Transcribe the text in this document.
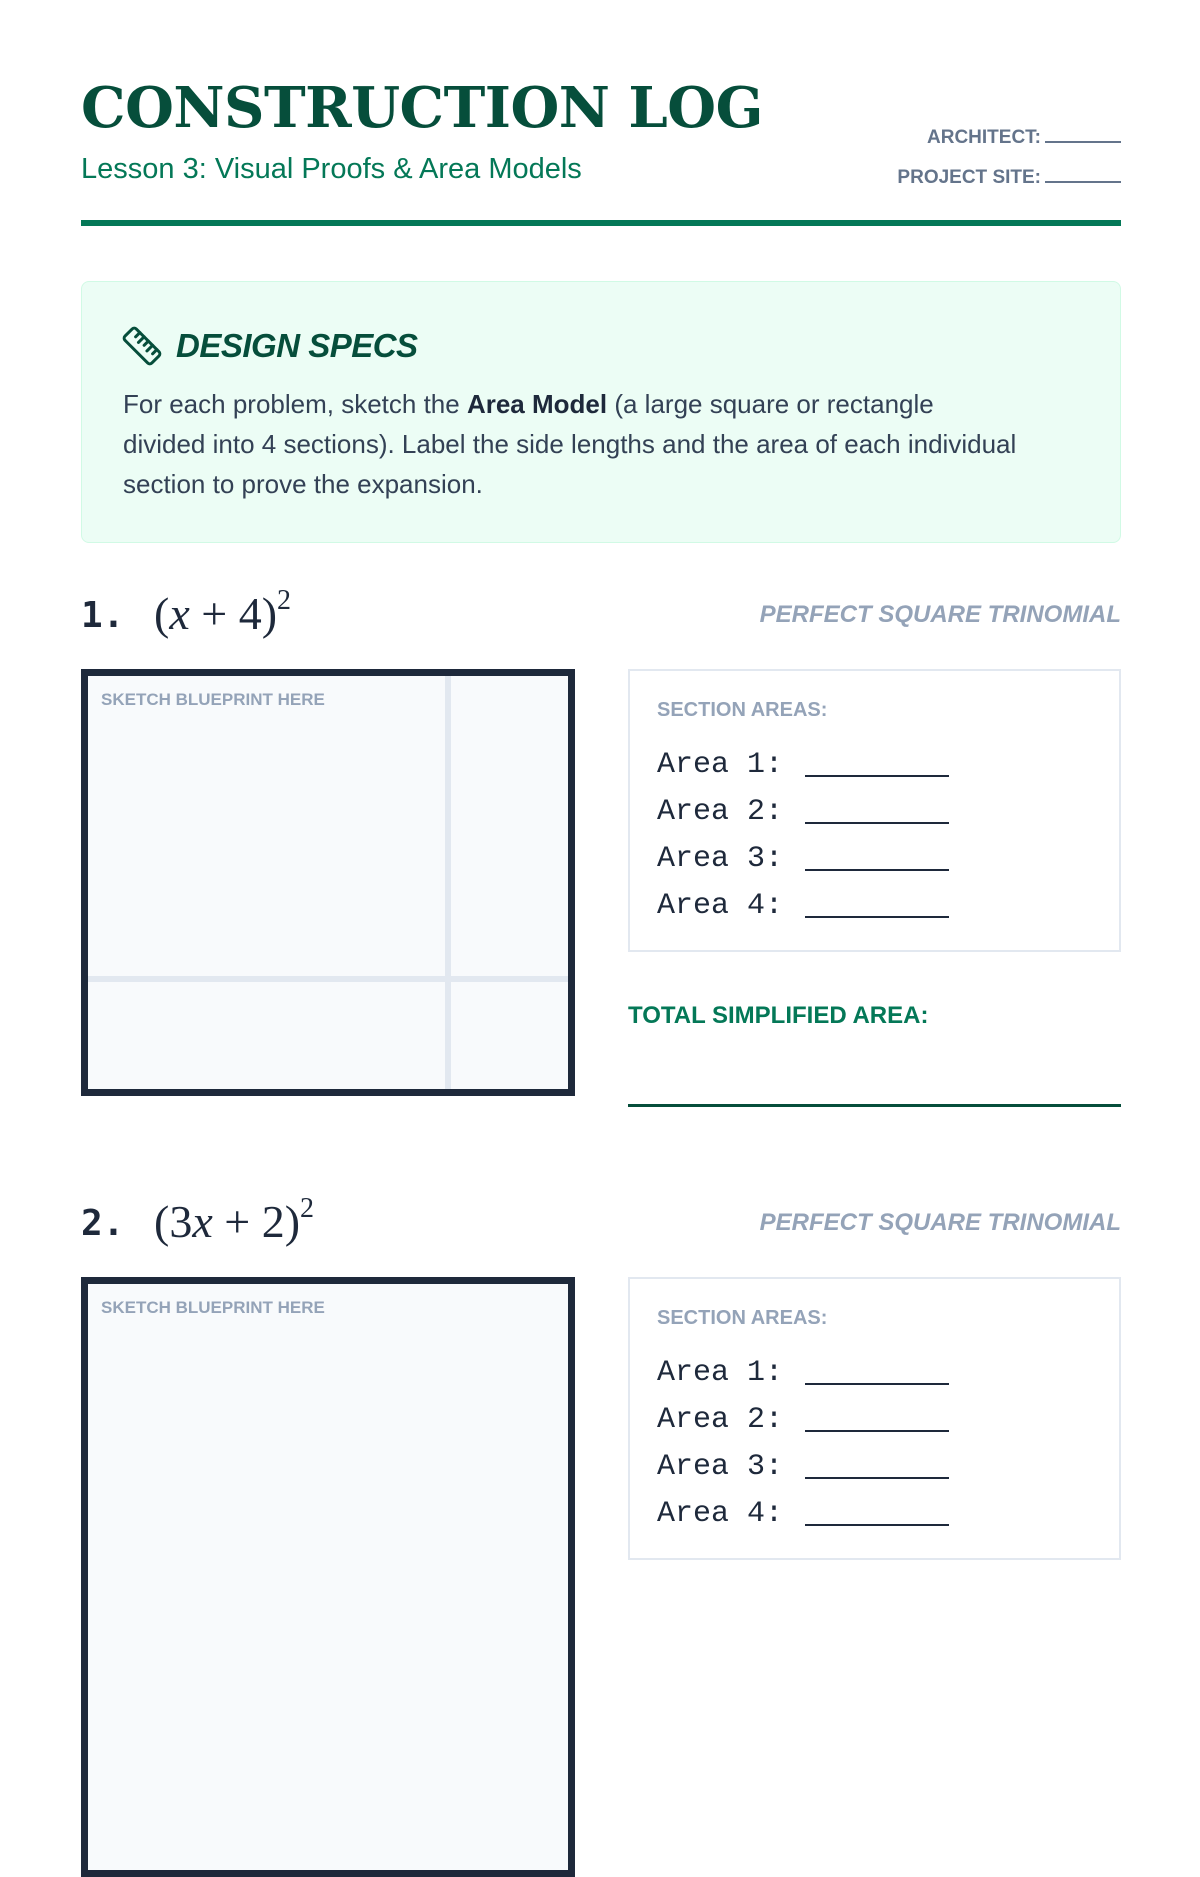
CONSTRUCTION LOG
Lesson 3: Visual Proofs & Area Models
ARCHITECT:
PROJECT SITE:
DESIGN SPECS
For each problem, sketch the Area Model (a large square or rectangle divided into 4 sections). Label the side lengths and the area of each individual section to prove the expansion.
1. $(x + 4)^2$	PERFECT SQUARE TRINOMIAL
SKETCH BLUEPRINT HERE	SECTION AREAS:
Area 1:
Area 2:
Area 3:
Area 4:
TOTAL SIMPLIFIED AREA:
2. $(3x + 2)^2$	PERFECT SQUARE TRINOMIAL
SKETCH BLUEPRINT HERE	SECTION AREAS:
Area 1:
Area 2:
Area 3:
Area 4:
